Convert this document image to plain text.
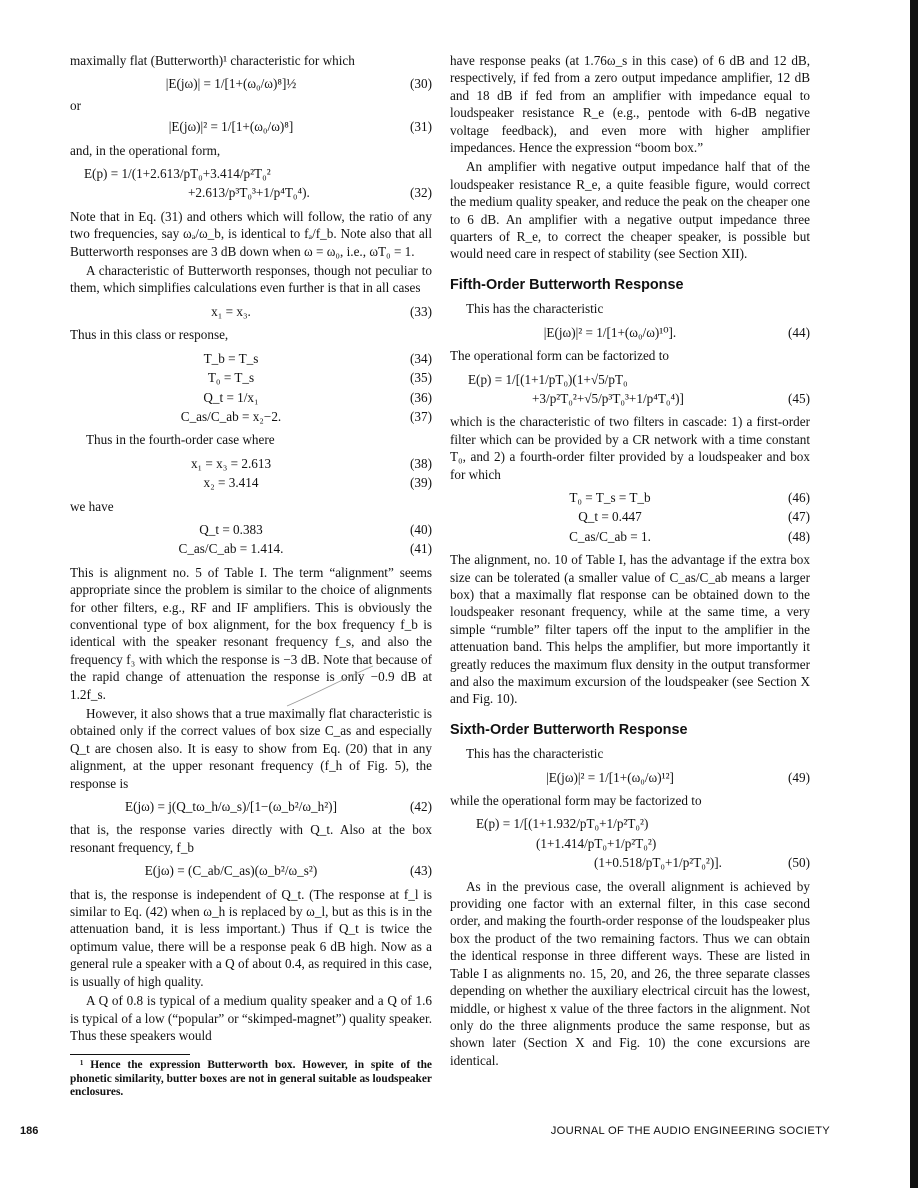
maximally flat (Butterworth)¹ characteristic for which

|E(jω)| = 1/[1+(ω₀/ω)⁸]½	(30)
or
|E(jω)|² = 1/[1+(ω₀/ω)⁸]	(31)

and, in the operational form,

E(p) = 1/(1+2.613/pT₀+3.414/p²T₀²
+2.613/p³T₀³+1/p⁴T₀⁴).	(32)

Note that in Eq. (31) and others which will follow, the ratio of any two frequencies, say ωₐ/ω_b, is identical to fₐ/f_b. Note also that all Butterworth responses are 3 dB down when ω = ω₀, i.e., ωT₀ = 1.

A characteristic of Butterworth responses, though not peculiar to them, which simplifies calculations even further is that in all cases

x₁ = x₃.	(33)

Thus in this class or response,

T_b = T_s	(34)
T₀ = T_s	(35)
Q_t = 1/x₁	(36)
C_as/C_ab = x₂−2.	(37)

Thus in the fourth-order case where

x₁ = x₃ = 2.613	(38)
x₂ = 3.414	(39)

we have

Q_t = 0.383	(40)
C_as/C_ab = 1.414.	(41)

This is alignment no. 5 of Table I. The term “alignment” seems appropriate since the problem is similar to the choice of alignments for other filters, e.g., RF and IF amplifiers. This is obviously the conventional type of box alignment, for the box frequency f_b is identical with the speaker resonant frequency f_s, and also the frequency f₃ with which the response is −3 dB. Note that because of the rapid change of attenuation the response is only −0.9 dB at 1.2f_s.

However, it also shows that a true maximally flat characteristic is obtained only if the correct values of box size C_as and especially Q_t are chosen also. It is easy to show from Eq. (20) that in any alignment, at the upper resonant frequency (f_h of Fig. 5), the response is

E(jω) = j(Q_tω_h/ω_s)/[1−(ω_b²/ω_h²)]	(42)

that is, the response varies directly with Q_t. Also at the box resonant frequency, f_b

E(jω) = (C_ab/C_as)(ω_b²/ω_s²)	(43)

that is, the response is independent of Q_t. (The response at f_l is similar to Eq. (42) when ω_h is replaced by ω_l, but as this is in the attenuation band, it is less important.) Thus if Q_t is twice the optimum value, there will be a response peak 6 dB high. Now as a general rule a speaker with a Q of about 0.4, as required in this case, is usually of high quality.

A Q of 0.8 is typical of a medium quality speaker and a Q of 1.6 is typical of a low (“popular” or “skimped-magnet”) quality speaker. Thus these speakers would

¹ Hence the expression Butterworth box. However, in spite of the phonetic similarity, butter boxes are not in general suitable as loudspeaker enclosures.

have response peaks (at 1.76ω_s in this case) of 6 dB and 12 dB, respectively, if fed from a zero output impedance amplifier, 12 dB and 18 dB if fed from an amplifier with impedance equal to loudspeaker resistance R_e (e.g., pentode with 6-dB negative voltage feedback), and even more with higher amplifier impedances. Hence the expression “boom box.”

An amplifier with negative output impedance half that of the loudspeaker resistance R_e, a quite feasible figure, would correct the medium quality speaker, and reduce the peak on the cheaper one to 6 dB. An amplifier with a negative output impedance three quarters of R_e, to correct the cheaper speaker, is possible but would need care in respect of stability (see Section XII).

Fifth-Order Butterworth Response

This has the characteristic

|E(jω)|² = 1/[1+(ω₀/ω)¹⁰].	(44)

The operational form can be factorized to

E(p) = 1/[(1+1/pT₀)(1+√5/pT₀
+3/p²T₀²+√5/p³T₀³+1/p⁴T₀⁴)]	(45)

which is the characteristic of two filters in cascade: 1) a first-order filter which can be provided by a CR network with a time constant T₀, and 2) a fourth-order filter provided by a loudspeaker and box for which

T₀ = T_s = T_b	(46)
Q_t = 0.447	(47)
C_as/C_ab = 1.	(48)

The alignment, no. 10 of Table I, has the advantage if the extra box size can be tolerated (a smaller value of C_as/C_ab means a larger box) that a maximally flat response can be obtained down to the loudspeaker resonant frequency, while at the same time, a very simple “rumble” filter tapers off the input to the amplifier in the attenuation band. This helps the amplifier, but more importantly it greatly reduces the maximum flux density in the output transformer and also the maximum excursion of the loudspeaker (see Section X and Fig. 10).

Sixth-Order Butterworth Response

This has the characteristic

|E(jω)|² = 1/[1+(ω₀/ω)¹²]	(49)

while the operational form may be factorized to

E(p) = 1/[(1+1.932/pT₀+1/p²T₀²)
(1+1.414/pT₀+1/p²T₀²)
(1+0.518/pT₀+1/p²T₀²)].	(50)

As in the previous case, the overall alignment is achieved by providing one factor with an external filter, in this case second order, and making the fourth-order response of the loudspeaker plus box the product of the two remaining factors. Thus we can obtain the identical response in three different ways. These are listed in Table I as alignments no. 15, 20, and 26, the three separate classes depending on whether the auxiliary electrical circuit has the lowest, middle, or highest x value of the three factors in the alignment. Not only do the three alignments produce the same response, but as shown later (Section X and Fig. 10) the cone excursions are identical.

186	JOURNAL OF THE AUDIO ENGINEERING SOCIETY
